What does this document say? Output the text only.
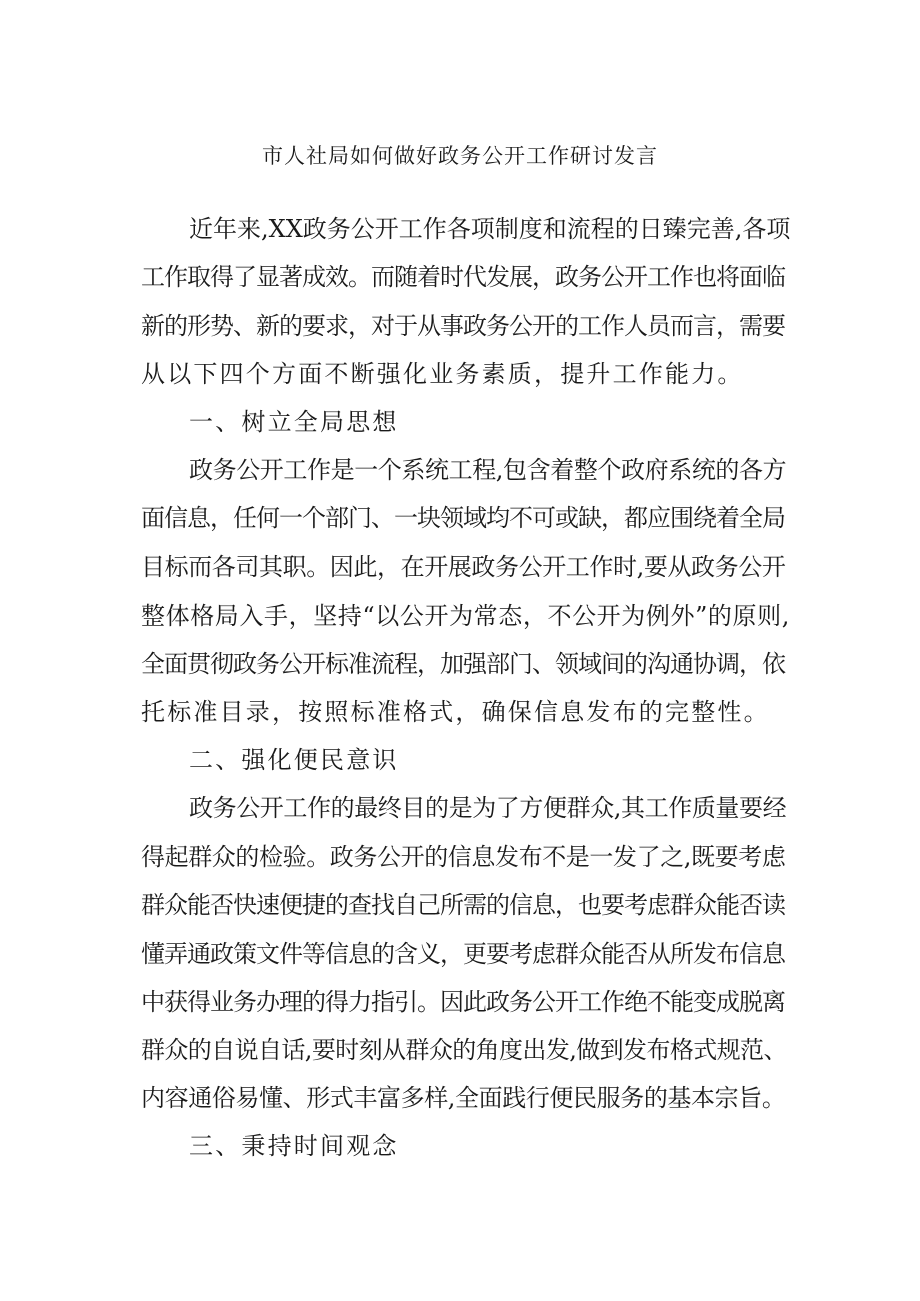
市人社局如何做好政务公开工作研讨发言
近年来,XX政务公开工作各项制度和流程的日臻完善,各项
工作取得了显著成效。而随着时代发展，政务公开工作也将面临
新的形势、新的要求，对于从事政务公开的工作人员而言，需要
从以下四个方面不断强化业务素质，提升工作能力。
一、树立全局思想
政务公开工作是一个系统工程,包含着整个政府系统的各方
面信息，任何一个部门、一块领域均不可或缺，都应围绕着全局
目标而各司其职。因此，在开展政务公开工作时,要从政务公开
整体格局入手，坚持“以公开为常态，不公开为例外”的原则,
全面贯彻政务公开标准流程，加强部门、领域间的沟通协调，依
托标准目录，按照标准格式，确保信息发布的完整性。
二、强化便民意识
政务公开工作的最终目的是为了方便群众,其工作质量要经
得起群众的检验。政务公开的信息发布不是一发了之,既要考虑
群众能否快速便捷的查找自己所需的信息，也要考虑群众能否读
懂弄通政策文件等信息的含义，更要考虑群众能否从所发布信息
中获得业务办理的得力指引。因此政务公开工作绝不能变成脱离
群众的自说自话,要时刻从群众的角度出发,做到发布格式规范、
内容通俗易懂、形式丰富多样,全面践行便民服务的基本宗旨。
三、秉持时间观念
